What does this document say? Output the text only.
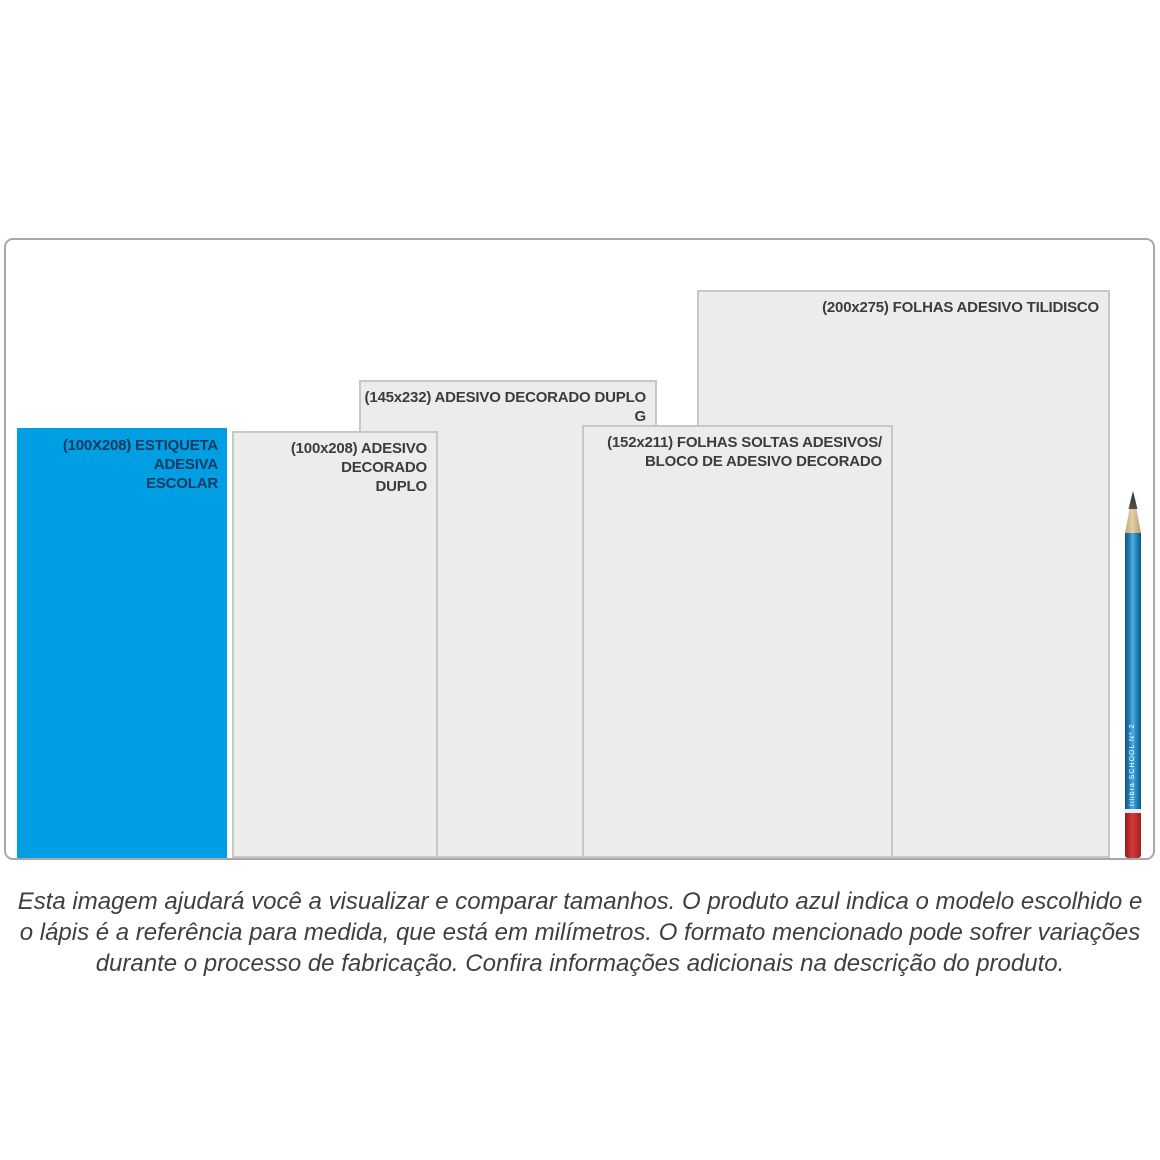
(200x275) FOLHAS ADESIVO TILIDISCO
(145x232) ADESIVO DECORADO DUPLO G
(152x211) FOLHAS SOLTAS ADESIVOS/
BLOCO DE ADESIVO DECORADO
(100x208) ADESIVO DECORADO
DUPLO
(100X208) ESTIQUETA ADESIVA
ESCOLAR
tilibra SCHOOL Nº 2
Esta imagem ajudará você a visualizar e comparar tamanhos. O produto azul indica o modelo escolhido e
o lápis é a referência para medida, que está em milímetros. O formato mencionado pode sofrer variações
durante o processo de fabricação. Confira informações adicionais na descrição do produto.
